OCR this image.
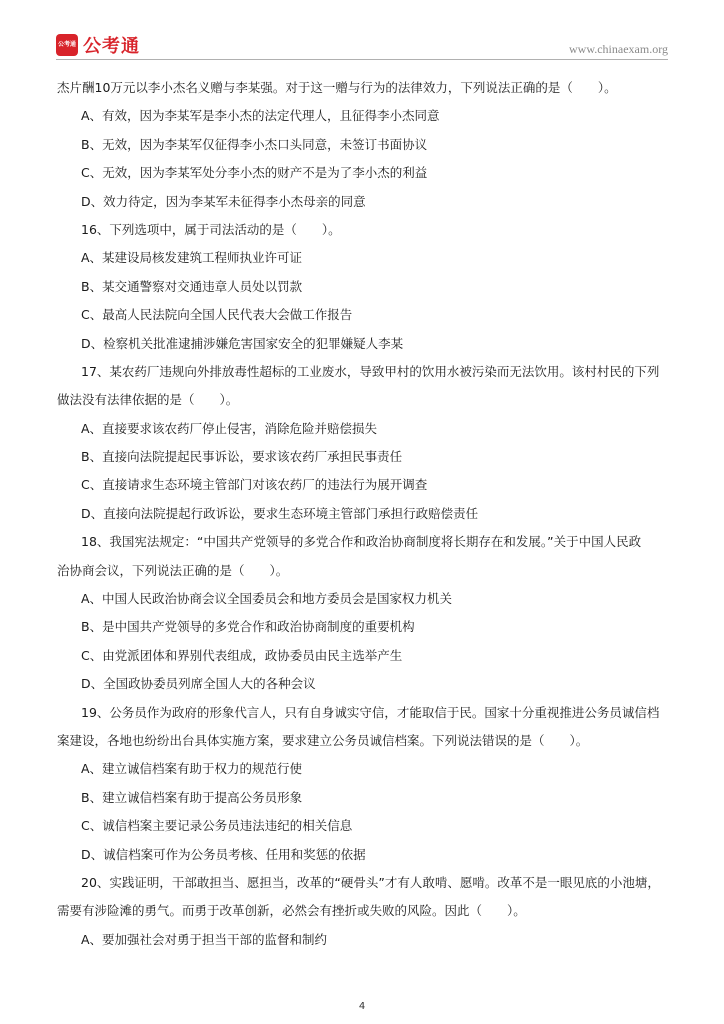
公考通 公考通	www.chinaexam.org
杰片酬10万元以李小杰名义赠与李某强。对于这一赠与行为的法律效力，下列说法正确的是（　　）。
A、有效，因为李某军是李小杰的法定代理人，且征得李小杰同意
B、无效，因为李某军仅征得李小杰口头同意，未签订书面协议
C、无效，因为李某军处分李小杰的财产不是为了李小杰的利益
D、效力待定，因为李某军未征得李小杰母亲的同意
16、下列选项中，属于司法活动的是（　　）。
A、某建设局核发建筑工程师执业许可证
B、某交通警察对交通违章人员处以罚款
C、最高人民法院向全国人民代表大会做工作报告
D、检察机关批准逮捕涉嫌危害国家安全的犯罪嫌疑人李某
17、某农药厂违规向外排放毒性超标的工业废水，导致甲村的饮用水被污染而无法饮用。该村村民的下列
做法没有法律依据的是（　　）。
A、直接要求该农药厂停止侵害，消除危险并赔偿损失
B、直接向法院提起民事诉讼，要求该农药厂承担民事责任
C、直接请求生态环境主管部门对该农药厂的违法行为展开调查
D、直接向法院提起行政诉讼，要求生态环境主管部门承担行政赔偿责任
18、我国宪法规定：“中国共产党领导的多党合作和政治协商制度将长期存在和发展。”关于中国人民政
治协商会议，下列说法正确的是（　　）。
A、中国人民政治协商会议全国委员会和地方委员会是国家权力机关
B、是中国共产党领导的多党合作和政治协商制度的重要机构
C、由党派团体和界别代表组成，政协委员由民主选举产生
D、全国政协委员列席全国人大的各种会议
19、公务员作为政府的形象代言人，只有自身诚实守信，才能取信于民。国家十分重视推进公务员诚信档
案建设，各地也纷纷出台具体实施方案，要求建立公务员诚信档案。下列说法错误的是（　　）。
A、建立诚信档案有助于权力的规范行使
B、建立诚信档案有助于提高公务员形象
C、诚信档案主要记录公务员违法违纪的相关信息
D、诚信档案可作为公务员考核、任用和奖惩的依据
20、实践证明，干部敢担当、愿担当，改革的“硬骨头”才有人敢啃、愿啃。改革不是一眼见底的小池塘，
需要有涉险滩的勇气。而勇于改革创新，必然会有挫折或失败的风险。因此（　　）。
A、要加强社会对勇于担当干部的监督和制约
4
